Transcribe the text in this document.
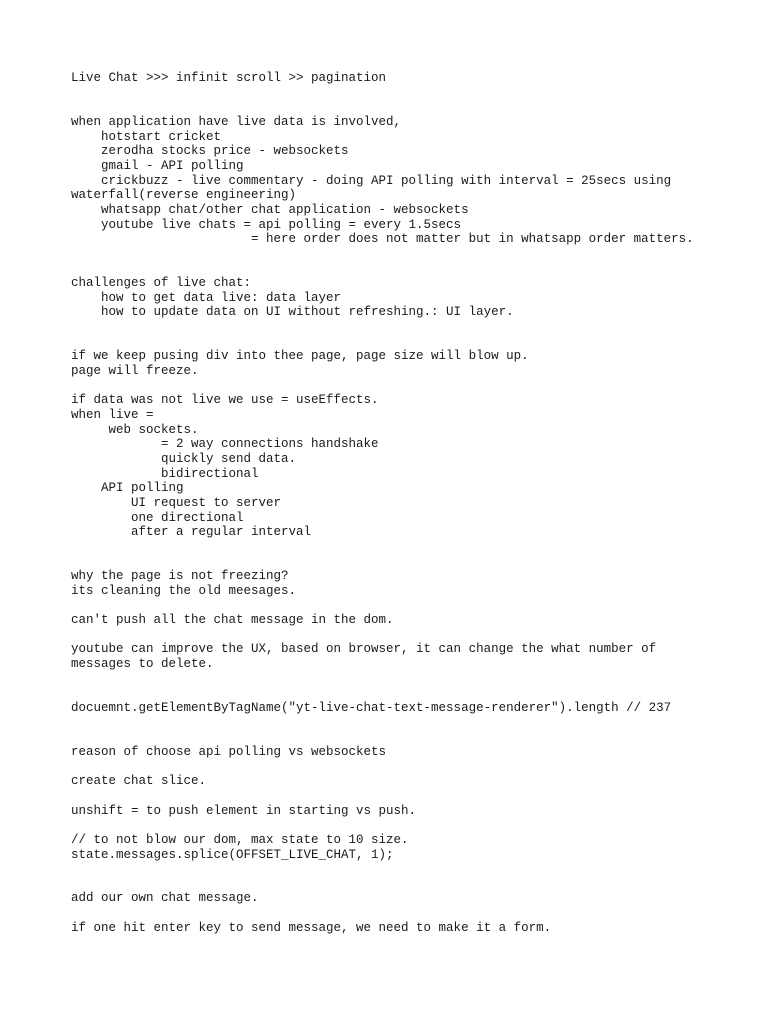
Live Chat >>> infinit scroll >> pagination
when application have live data is involved,
hotstart cricket
zerodha stocks price - websockets
gmail - API polling
crickbuzz - live commentary - doing API polling with interval = 25secs using
waterfall(reverse engineering)
whatsapp chat/other chat application - websockets
youtube live chats = api polling = every 1.5secs
= here order does not matter but in whatsapp order matters.
challenges of live chat:
how to get data live: data layer
how to update data on UI without refreshing.: UI layer.
if we keep pusing div into thee page, page size will blow up.
page will freeze.
if data was not live we use = useEffects.
when live =
web sockets.
= 2 way connections handshake
quickly send data.
bidirectional
API polling
UI request to server
one directional
after a regular interval
why the page is not freezing?
its cleaning the old meesages.
can't push all the chat message in the dom.
youtube can improve the UX, based on browser, it can change the what number of
messages to delete.
docuemnt.getElementByTagName("yt-live-chat-text-message-renderer").length // 237
reason of choose api polling vs websockets
create chat slice.
unshift = to push element in starting vs push.
// to not blow our dom, max state to 10 size.
state.messages.splice(OFFSET_LIVE_CHAT, 1);
add our own chat message.
if one hit enter key to send message, we need to make it a form.
